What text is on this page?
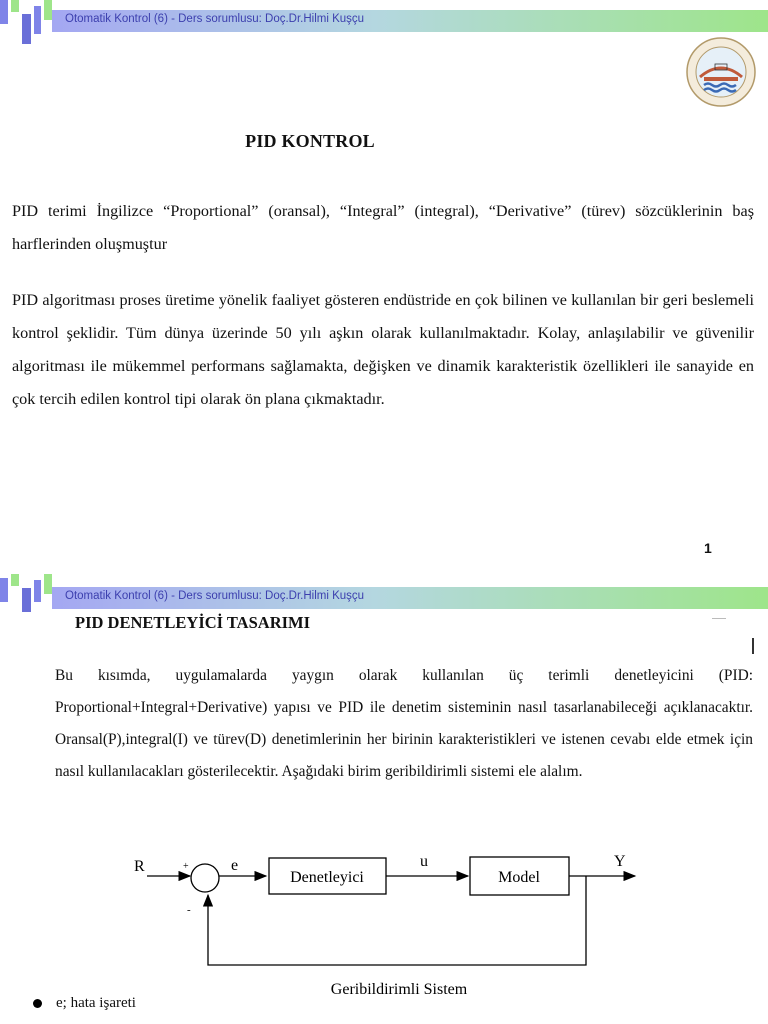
Otomatik Kontrol (6) - Ders sorumlusu: Doç.Dr.Hilmi Kuşçu
PID KONTROL
PID terimi İngilizce “Proportional” (oransal), “Integral” (integral), “Derivative” (türev) sözcüklerinin baş harflerinden oluşmuştur
PID algoritması proses üretime yönelik faaliyet gösteren endüstride en çok bilinen ve kullanılan bir geri beslemeli kontrol şeklidir. Tüm dünya üzerinde 50 yılı aşkın olarak kullanılmaktadır. Kolay, anlaşılabilir ve güvenilir algoritması ile mükemmel performans sağlamakta, değişken ve dinamik karakteristik özellikleri ile sanayide en çok tercih edilen kontrol tipi olarak ön plana çıkmaktadır.
1
Otomatik Kontrol (6) - Ders sorumlusu: Doç.Dr.Hilmi Kuşçu
PID DENETLEYİCİ TASARIMI
Bu kısımda, uygulamalarda yaygın olarak kullanılan üç terimli denetleyicini (PID: Proportional+Integral+Derivative) yapısı ve PID ile denetim sisteminin nasıl tasarlanabileceği açıklanacaktır. Oransal(P),integral(I) ve türev(D) denetimlerinin her birinin karakteristikleri ve istenen cevabı elde etmek için nasıl kullanılacakları gösterilecektir. Aşağıdaki birim geribildirimli sistemi ele alalım.
R	+
-
e
Denetleyici
u
Model
Y
Geribildirimli Sistem
e; hata işareti
